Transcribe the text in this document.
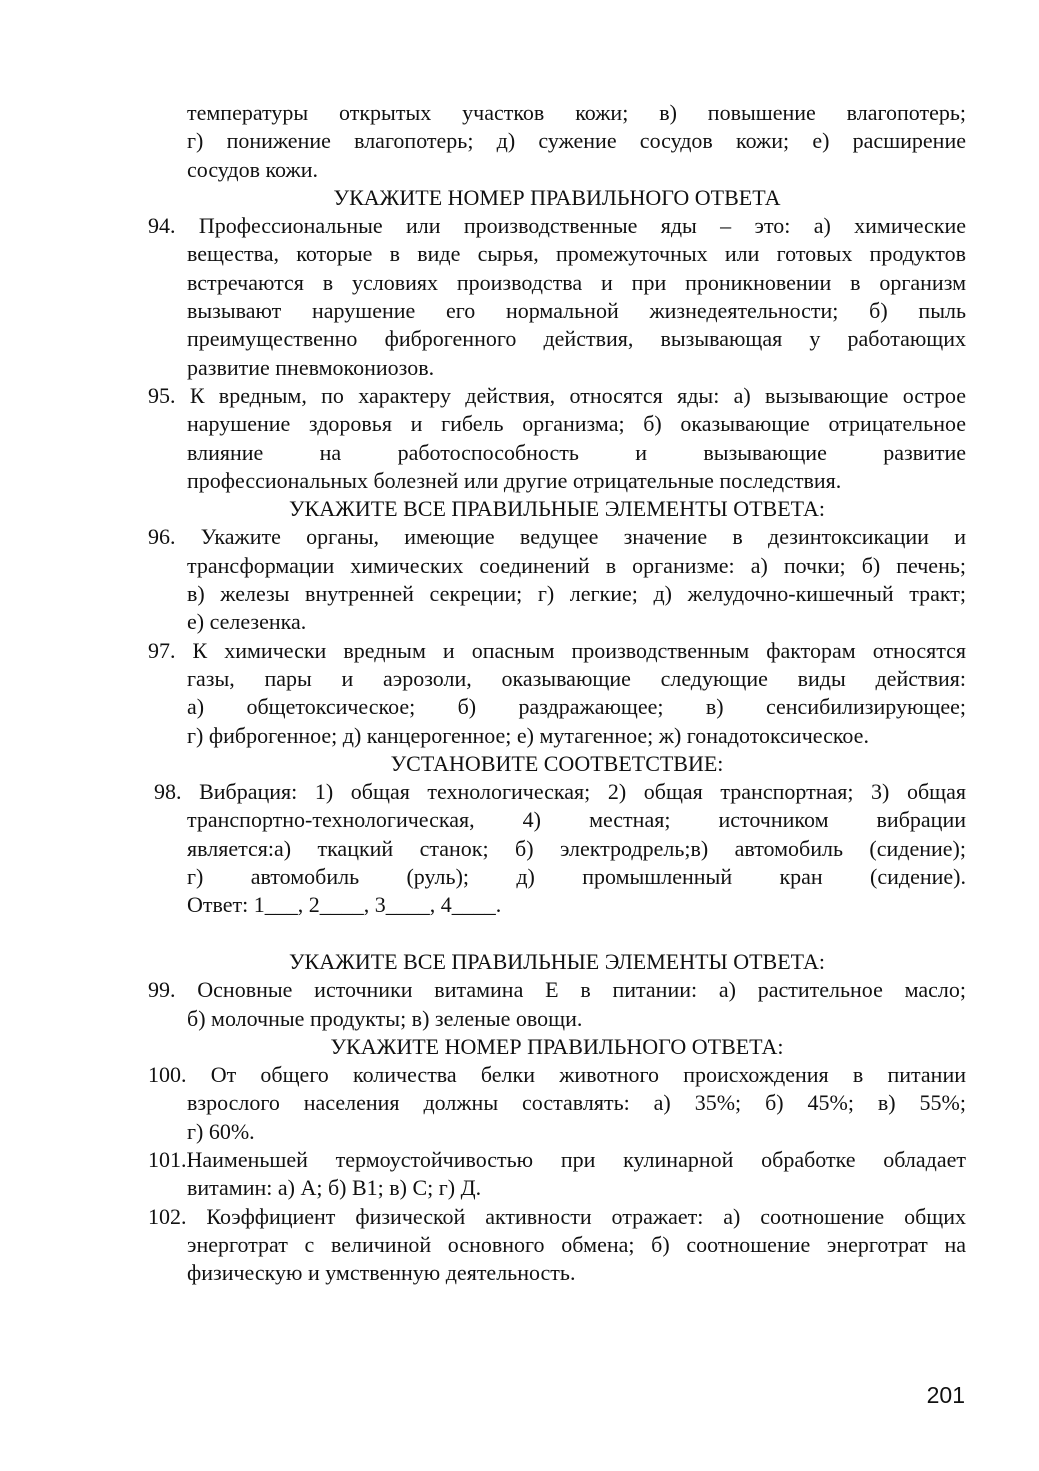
температуры открытых участков кожи; в) повышение влагопотерь;
г) понижение влагопотерь; д) сужение сосудов кожи; е) расширение
сосудов кожи.
УКАЖИТЕ НОМЕР ПРАВИЛЬНОГО ОТВЕТА
94. Профессиональные или производственные яды – это: а) химические
вещества, которые в виде сырья, промежуточных или готовых продуктов
встречаются в условиях производства и при проникновении в организм
вызывают нарушение его нормальной жизнедеятельности; б) пыль
преимущественно фиброгенного действия, вызывающая у работающих
развитие пневмокониозов.
95. К вредным, по характеру действия, относятся яды: а) вызывающие острое
нарушение здоровья и гибель организма; б) оказывающие отрицательное
влияние на работоспособность и вызывающие развитие
профессиональных болезней или другие отрицательные последствия.
УКАЖИТЕ ВСЕ ПРАВИЛЬНЫЕ ЭЛЕМЕНТЫ ОТВЕТА:
96. Укажите органы, имеющие ведущее значение в дезинтоксикации и
трансформации химических соединений в организме: а) почки; б) печень;
в) железы внутренней секреции; г) легкие; д) желудочно-кишечный тракт;
е) селезенка.
97. К химически вредным и опасным производственным факторам относятся
газы, пары и аэрозоли, оказывающие следующие виды действия:
а) общетоксическое; б) раздражающее; в) сенсибилизирующее;
г) фиброгенное; д) канцерогенное; е) мутагенное; ж) гонадотоксическое.
УСТАНОВИТЕ СООТВЕТСТВИЕ:
98. Вибрация: 1) общая технологическая; 2) общая транспортная; 3) общая
транспортно-технологическая, 4) местная; источником вибрации
является:а) ткацкий станок; б) электродрель;в) автомобиль (сидение);
г) автомобиль (руль); д) промышленный кран (сидение).
Ответ: 1___, 2____, 3____, 4____.
УКАЖИТЕ ВСЕ ПРАВИЛЬНЫЕ ЭЛЕМЕНТЫ ОТВЕТА:
99. Основные источники витамина Е в питании: а) растительное масло;
б) молочные продукты; в) зеленые овощи.
УКАЖИТЕ НОМЕР ПРАВИЛЬНОГО ОТВЕТА:
100. От общего количества белки животного происхождения в питании
взрослого населения должны составлять: а) 35%; б) 45%; в) 55%;
г) 60%.
101.Наименьшей термоустойчивостью при кулинарной обработке обладает
витамин: а) А; б) В1; в) С; г) Д.
102. Коэффициент физической активности отражает: а) соотношение общих
энерготрат с величиной основного обмена; б) соотношение энерготрат на
физическую и умственную деятельность.
201
